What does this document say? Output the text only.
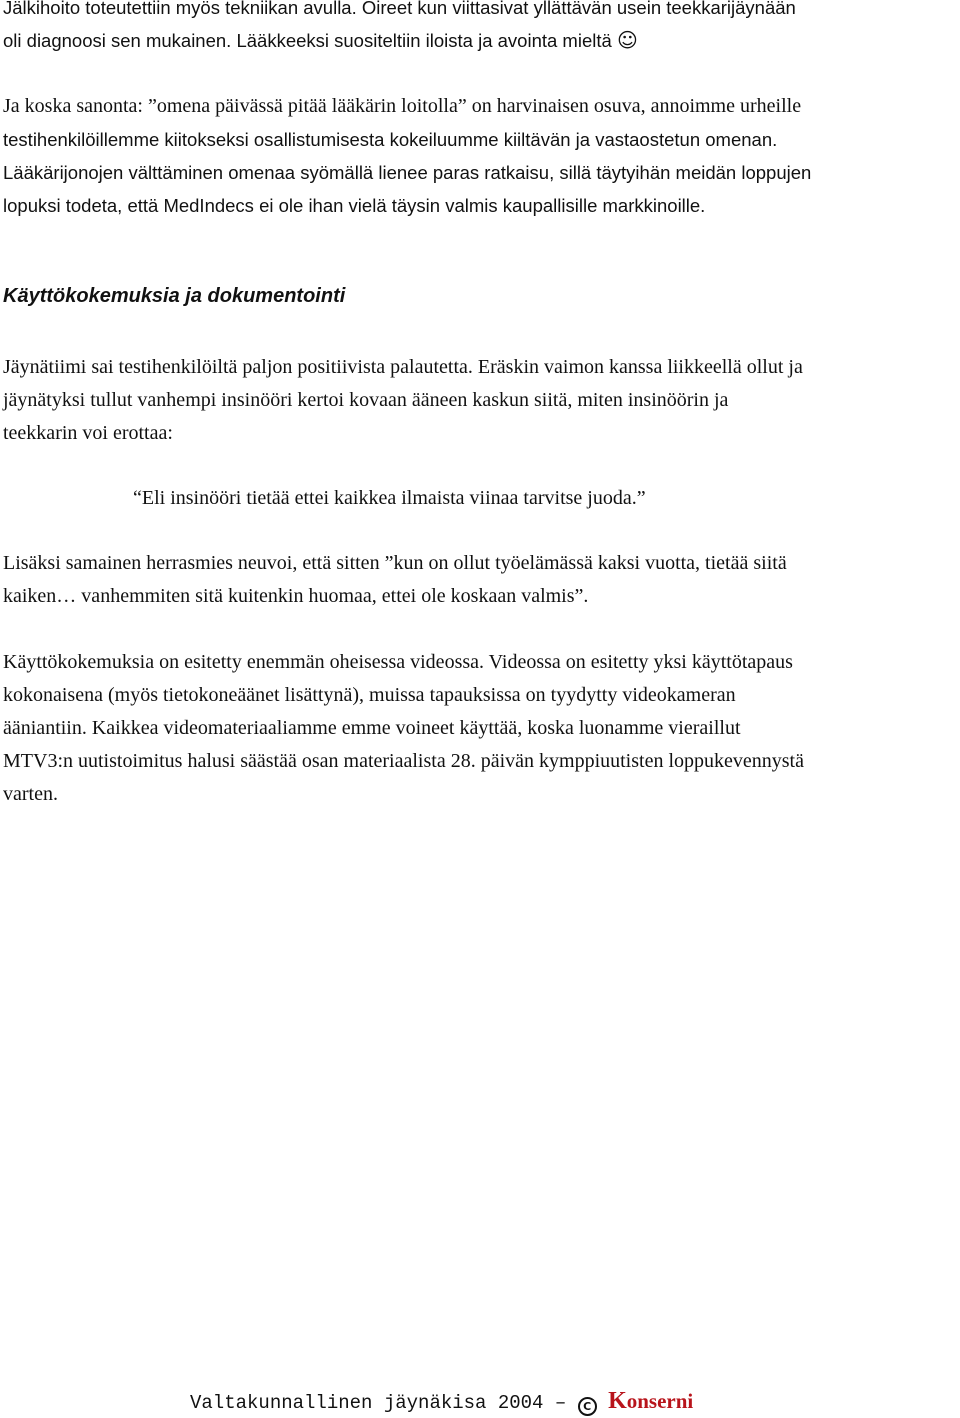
Jälkihoito toteutettiin myös tekniikan avulla. Oireet kun viittasivat yllättävän usein teekkarijäynään
oli diagnoosi sen mukainen. Lääkkeeksi suositeltiin iloista ja avointa mieltä ☺

Ja koska sanonta: ”omena päivässä pitää lääkärin loitolla” on harvinaisen osuva, annoimme urheille
testihenkilöillemme kiitokseksi osallistumisesta kokeiluumme kiiltävän ja vastaostetun omenan.
Lääkärijonojen välttäminen omenaa syömällä lienee paras ratkaisu, sillä täytyihän meidän loppujen
lopuksi todeta, että MedIndecs ei ole ihan vielä täysin valmis kaupallisille markkinoille.

Käyttökokemuksia ja dokumentointi

Jäynätiimi sai testihenkilöiltä paljon positiivista palautetta. Eräskin vaimon kanssa liikkeellä ollut ja
jäynätyksi tullut vanhempi insinööri kertoi kovaan ääneen kaskun siitä, miten insinöörin ja
teekkarin voi erottaa:

“Eli insinööri tietää ettei kaikkea ilmaista viinaa tarvitse juoda.”

Lisäksi samainen herrasmies neuvoi, että sitten ”kun on ollut työelämässä kaksi vuotta, tietää siitä
kaiken… vanhemmiten sitä kuitenkin huomaa, ettei ole koskaan valmis”.

Käyttökokemuksia on esitetty enemmän oheisessa videossa. Videossa on esitetty yksi käyttötapaus
kokonaisena (myös tietokoneäänet lisättynä), muissa tapauksissa on tyydytty videokameran
ääniantiin. Kaikkea videomateriaaliamme emme voineet käyttää, koska luonamme vieraillut
MTV3:n uutistoimitus halusi säästää osan materiaalista 28. päivän kymppiuutisten loppukevennystä
varten.

Valtakunnallinen jäynäkisa 2004 – C Konserni
